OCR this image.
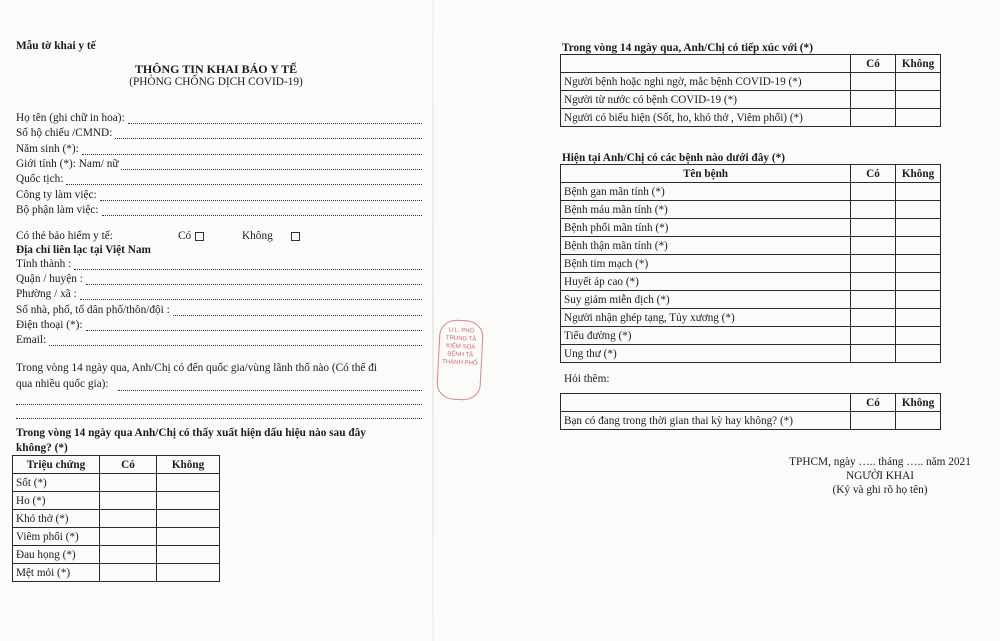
Mẫu tờ khai y tế
THÔNG TIN KHAI BÁO Y TẾ
(PHÒNG CHỐNG DỊCH COVID-19)
Họ tên (ghi chữ in hoa):
Số hộ chiếu /CMND:
Năm sinh (*):
Giới tính (*): Nam/ nữ
Quốc tịch:
Công ty làm việc:
Bộ phận làm việc:
Có thẻ bảo hiểm y tế:	Có	Không
Địa chỉ liên lạc tại Việt Nam
Tỉnh thành :
Quận / huyện :
Phường / xã :
Số nhà, phố, tổ dân phố/thôn/đội :
Điện thoại (*):
Email:
Trong vòng 14 ngày qua, Anh/Chị có đến quốc gia/vùng lãnh thổ nào (Có thể đi
qua nhiều quốc gia):
Trong vòng 14 ngày qua Anh/Chị có thấy xuất hiện dấu hiệu nào sau đây
không? (*)
Triệu chứng	Có	Không
Sốt (*)		
Ho (*)		
Khó thở (*)		
Viêm phổi (*)		
Đau họng (*)		
Mệt mỏi (*)		
U.L. PHÒ
TRUNG TÂ
KIỂM SOÁ
BỆNH TẬ
THÀNH PHỐ
Trong vòng 14 ngày qua, Anh/Chị có tiếp xúc với (*)
	Có	Không
Người bệnh hoặc nghi ngờ, mắc bệnh COVID-19 (*)		
Người từ nước có bệnh COVID-19 (*)		
Người có biểu hiện (Sốt, ho, khó thở , Viêm phổi) (*)		
Hiện tại Anh/Chị có các bệnh nào dưới đây (*)
Tên bệnh	Có	Không
Bệnh gan mãn tính (*)		
Bệnh máu mãn tính (*)		
Bệnh phổi mãn tính (*)		
Bệnh thận mãn tính (*)		
Bệnh tim mạch (*)		
Huyết áp cao (*)		
Suy giảm miễn dịch (*)		
Người nhận ghép tạng, Tủy xương (*)		
Tiểu đường (*)		
Ung thư (*)		
Hỏi thêm:
	Có	Không
Bạn có đang trong thời gian thai kỳ hay không? (*)		
TPHCM, ngày ….. tháng ….. năm 2021
NGƯỜI KHAI
(Ký và ghi rõ họ tên)
